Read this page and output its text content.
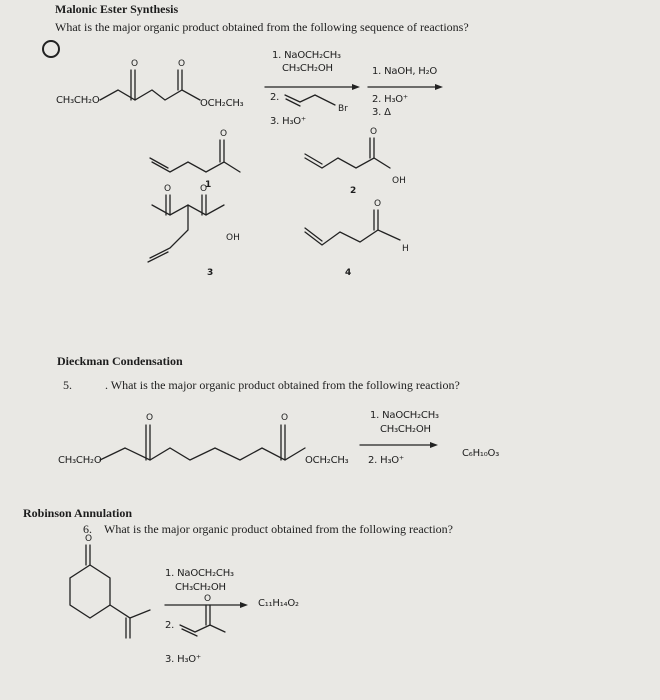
Malonic Ester Synthesis
What is the major organic product obtained from the following sequence of reactions?
O	O
O	O
O	O
O
O	O
O
O
CH₃CH₂O	OCH₂CH₃
1. NaOCH₂CH₃
CH₃CH₂OH
2.
Br
3. H₃O⁺
1. NaOH, H₂O
2. H₃O⁺
3. Δ
1	OH
2
OH
3
H
4
Dieckman Condensation
5.	. What is the major organic product obtained from the following reaction?
CH₃CH₂O	OCH₂CH₃
1. NaOCH₂CH₃
CH₃CH₂OH
2. H₃O⁺
C₆H₁₀O₃
Robinson Annulation
6. What is the major organic product obtained from the following reaction?
1. NaOCH₂CH₃
CH₃CH₂OH
2.
3. H₃O⁺
C₁₁H₁₄O₂
